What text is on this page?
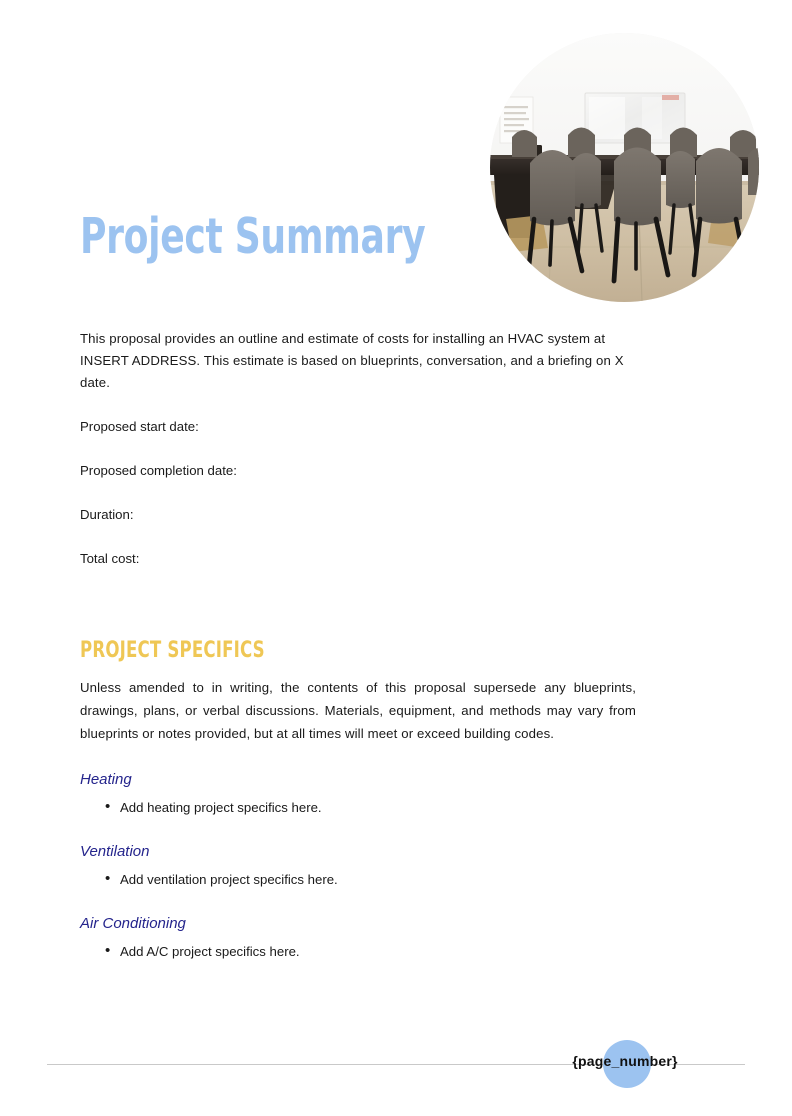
Project Summary

This proposal provides an outline and estimate of costs for installing an HVAC system at INSERT ADDRESS. This estimate is based on blueprints, conversation, and a briefing on X date.

Proposed start date:

Proposed completion date:

Duration:

Total cost:

PROJECT SPECIFICS

Unless amended to in writing, the contents of this proposal supersede any blueprints, drawings, plans, or verbal discussions. Materials, equipment, and methods may vary from blueprints or notes provided, but at all times will meet or exceed building codes.

Heating
• Add heating project specifics here.
Ventilation
• Add ventilation project specifics here.
Air Conditioning
• Add A/C project specifics here.
{page_number}
